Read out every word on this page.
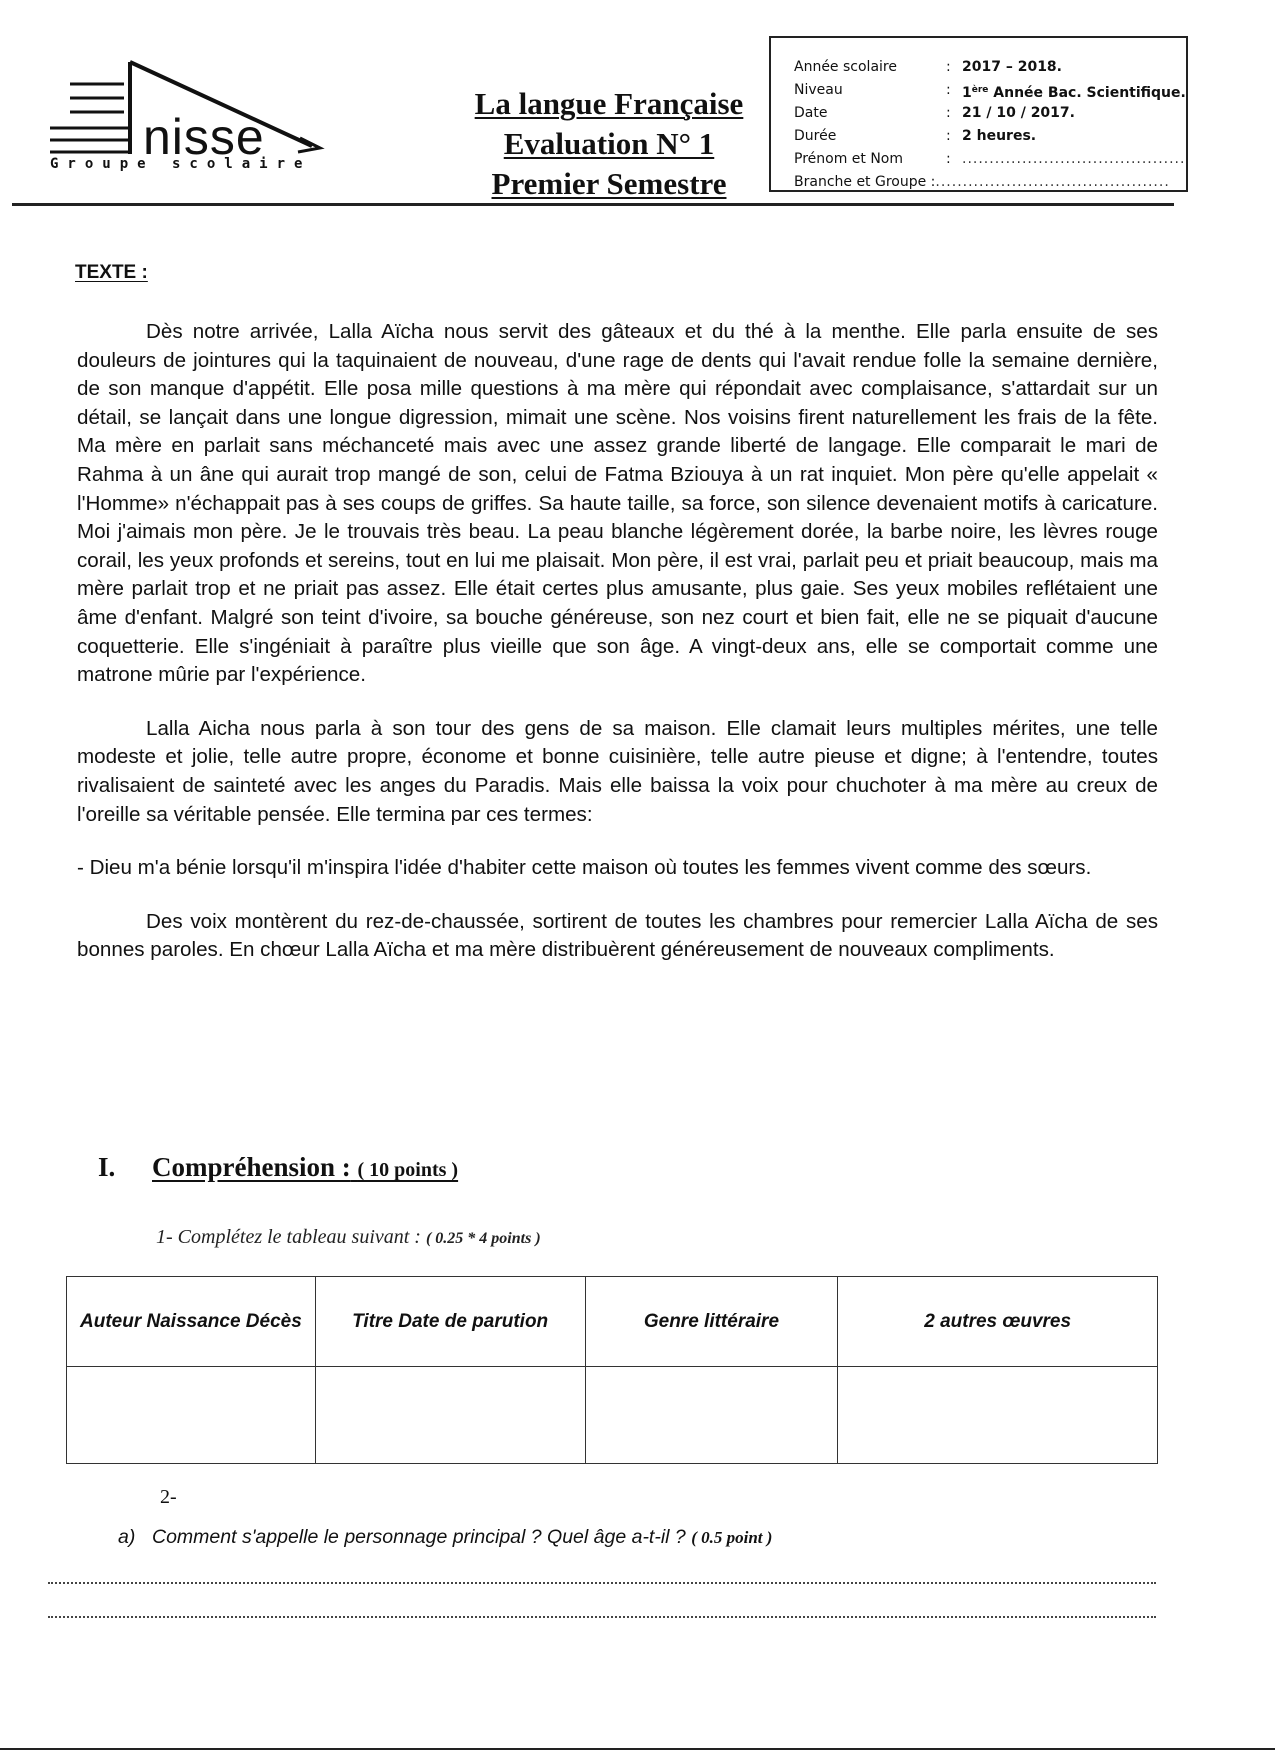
nisse
Groupe scolaire
La langue Française
Evaluation N° 1
Premier Semestre
Année scolaire	: 2017 – 2018.
Niveau	: 1ère Année Bac. Scientifique.
Date	: 21 / 10 / 2017.
Durée	: 2 heures.
Prénom et Nom	: .........................................
Branche et Groupe : ...........................................
TEXTE :

Dès notre arrivée, Lalla Aïcha nous servit des gâteaux et du thé à la menthe. Elle parla ensuite de ses douleurs de jointures qui la taquinaient de nouveau, d'une rage de dents qui l'avait rendue folle la semaine dernière, de son manque d'appétit. Elle posa mille questions à ma mère qui répondait avec complaisance, s'attardait sur un détail, se lançait dans une longue digression, mimait une scène. Nos voisins firent naturellement les frais de la fête. Ma mère en parlait sans méchanceté mais avec une assez grande liberté de langage. Elle comparait le mari de Rahma à un âne qui aurait trop mangé de son, celui de Fatma Bziouya à un rat inquiet. Mon père qu'elle appelait « l'Homme» n'échappait pas à ses coups de griffes. Sa haute taille, sa force, son silence devenaient motifs à caricature. Moi j'aimais mon père. Je le trouvais très beau. La peau blanche légèrement dorée, la barbe noire, les lèvres rouge corail, les yeux profonds et sereins, tout en lui me plaisait. Mon père, il est vrai, parlait peu et priait beaucoup, mais ma mère parlait trop et ne priait pas assez. Elle était certes plus amusante, plus gaie. Ses yeux mobiles reflétaient une âme d'enfant. Malgré son teint d'ivoire, sa bouche généreuse, son nez court et bien fait, elle ne se piquait d'aucune coquetterie. Elle s'ingéniait à paraître plus vieille que son âge. A vingt-deux ans, elle se comportait comme une matrone mûrie par l'expérience.

Lalla Aicha nous parla à son tour des gens de sa maison. Elle clamait leurs multiples mérites, une telle modeste et jolie, telle autre propre, économe et bonne cuisinière, telle autre pieuse et digne; à l'entendre, toutes rivalisaient de sainteté avec les anges du Paradis. Mais elle baissa la voix pour chuchoter à ma mère au creux de l'oreille sa véritable pensée. Elle termina par ces termes:

- Dieu m'a bénie lorsqu'il m'inspira l'idée d'habiter cette maison où toutes les femmes vivent comme des sœurs.

Des voix montèrent du rez-de-chaussée, sortirent de toutes les chambres pour remercier Lalla Aïcha de ses bonnes paroles. En chœur Lalla Aïcha et ma mère distribuèrent généreusement de nouveaux compliments.

I. Compréhension : ( 10 points )
1- Complétez le tableau suivant : ( 0.25 * 4 points )
Auteur Naissance Décès	Titre Date de parution	Genre littéraire	2 autres œuvres

2-
a) Comment s'appelle le personnage principal ? Quel âge a-t-il ? ( 0.5 point )
